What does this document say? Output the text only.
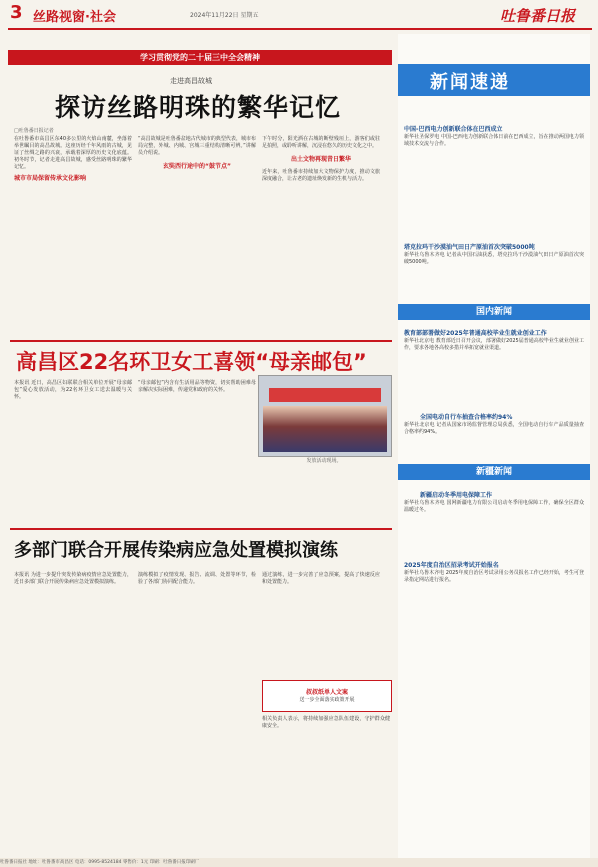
3 丝路视窗·社会	2024年11月22日 星期五	吐鲁番日报
学习贯彻党的二十届三中全会精神
走进高昌故城
探访丝路明珠的繁华记忆
□吐鲁番日报记者
在吐鲁番市高昌区东40多公里的火焰山南麓，坐落着举世瞩目的高昌故城。这座历经千年风雨的古城，见证了丝绸之路的兴衰，承载着深厚的历史文化底蕴。初冬时节，记者走进高昌故城，感受丝路明珠的繁华记忆。
城市市局保留传承文化影响
“高昌故城是吐鲁番盆地古代城市的典型代表，城市布局完整，外城、内城、宫城三重结构清晰可辨。”讲解员介绍说。
玄奘西行途中的“鼓节点”
下午时分，阳光洒在古城的断壁残垣上，游客们或驻足拍照，或聆听讲解，沉浸在悠久的历史文化之中。
出土文物再现昔日繁华
近年来，吐鲁番市持续加大文物保护力度，推动文旅深度融合，让古老的遗址焕发新的生机与活力。
高昌区22名环卫女工喜领“母亲邮包”
本报讯 近日，高昌区妇联联合相关单位开展“母亲邮包”爱心发放活动，为22名环卫女工送去温暖与关怀。
“母亲邮包”内含有生活用品等物资，切实帮助困难母亲解决实际困难，传递党和政府的关怀。
发放活动现场。
多部门联合开展传染病应急处置模拟演练
本报讯 为进一步提升突发传染病疫情应急处置能力，近日多部门联合开展传染病应急处置模拟演练。
演练模拟了疫情发现、报告、流调、处置等环节，检验了各部门协同配合能力。
通过演练，进一步完善了应急预案，提高了快速反应和处置能力。
叔叔纸单人文案
送一步全面落实政策开展
相关负责人表示，将持续加强应急队伍建设，守护群众健康安全。
新闻速递
中国-巴西电力创新联合体在巴西成立
新华社圣保罗电 中国-巴西电力创新联合体日前在巴西成立，旨在推动两国电力领域技术交流与合作。
塔克拉玛干沙漠油气田日产原油首次突破5000吨
新华社乌鲁木齐电 记者从中国石油获悉，塔克拉玛干沙漠油气田日产原油首次突破5000吨。
国内新闻
教育部部署做好2025年普通高校毕业生就业创业工作
新华社北京电 教育部近日召开会议，部署做好2025届普通高校毕业生就业创业工作，要求各地各高校多措并举拓宽就业渠道。
全国电动自行车抽查合格率约94%
新华社北京电 记者从国家市场监督管理总局获悉，全国电动自行车产品质量抽查合格率约94%。
新疆新闻
新疆启动冬季用电保障工作
新华社乌鲁木齐电 国网新疆电力有限公司启动冬季用电保障工作，确保全区群众温暖过冬。
2025年度自治区招录考试开始报名
新华社乌鲁木齐电 2025年度自治区考试录用公务员报名工作已经开始，考生可登录指定网站进行报名。
吐鲁番日报社 地址：吐鲁番市高昌区 电话：0995-8524184 零售价：1元 印刷：吐鲁番日报印刷厂
